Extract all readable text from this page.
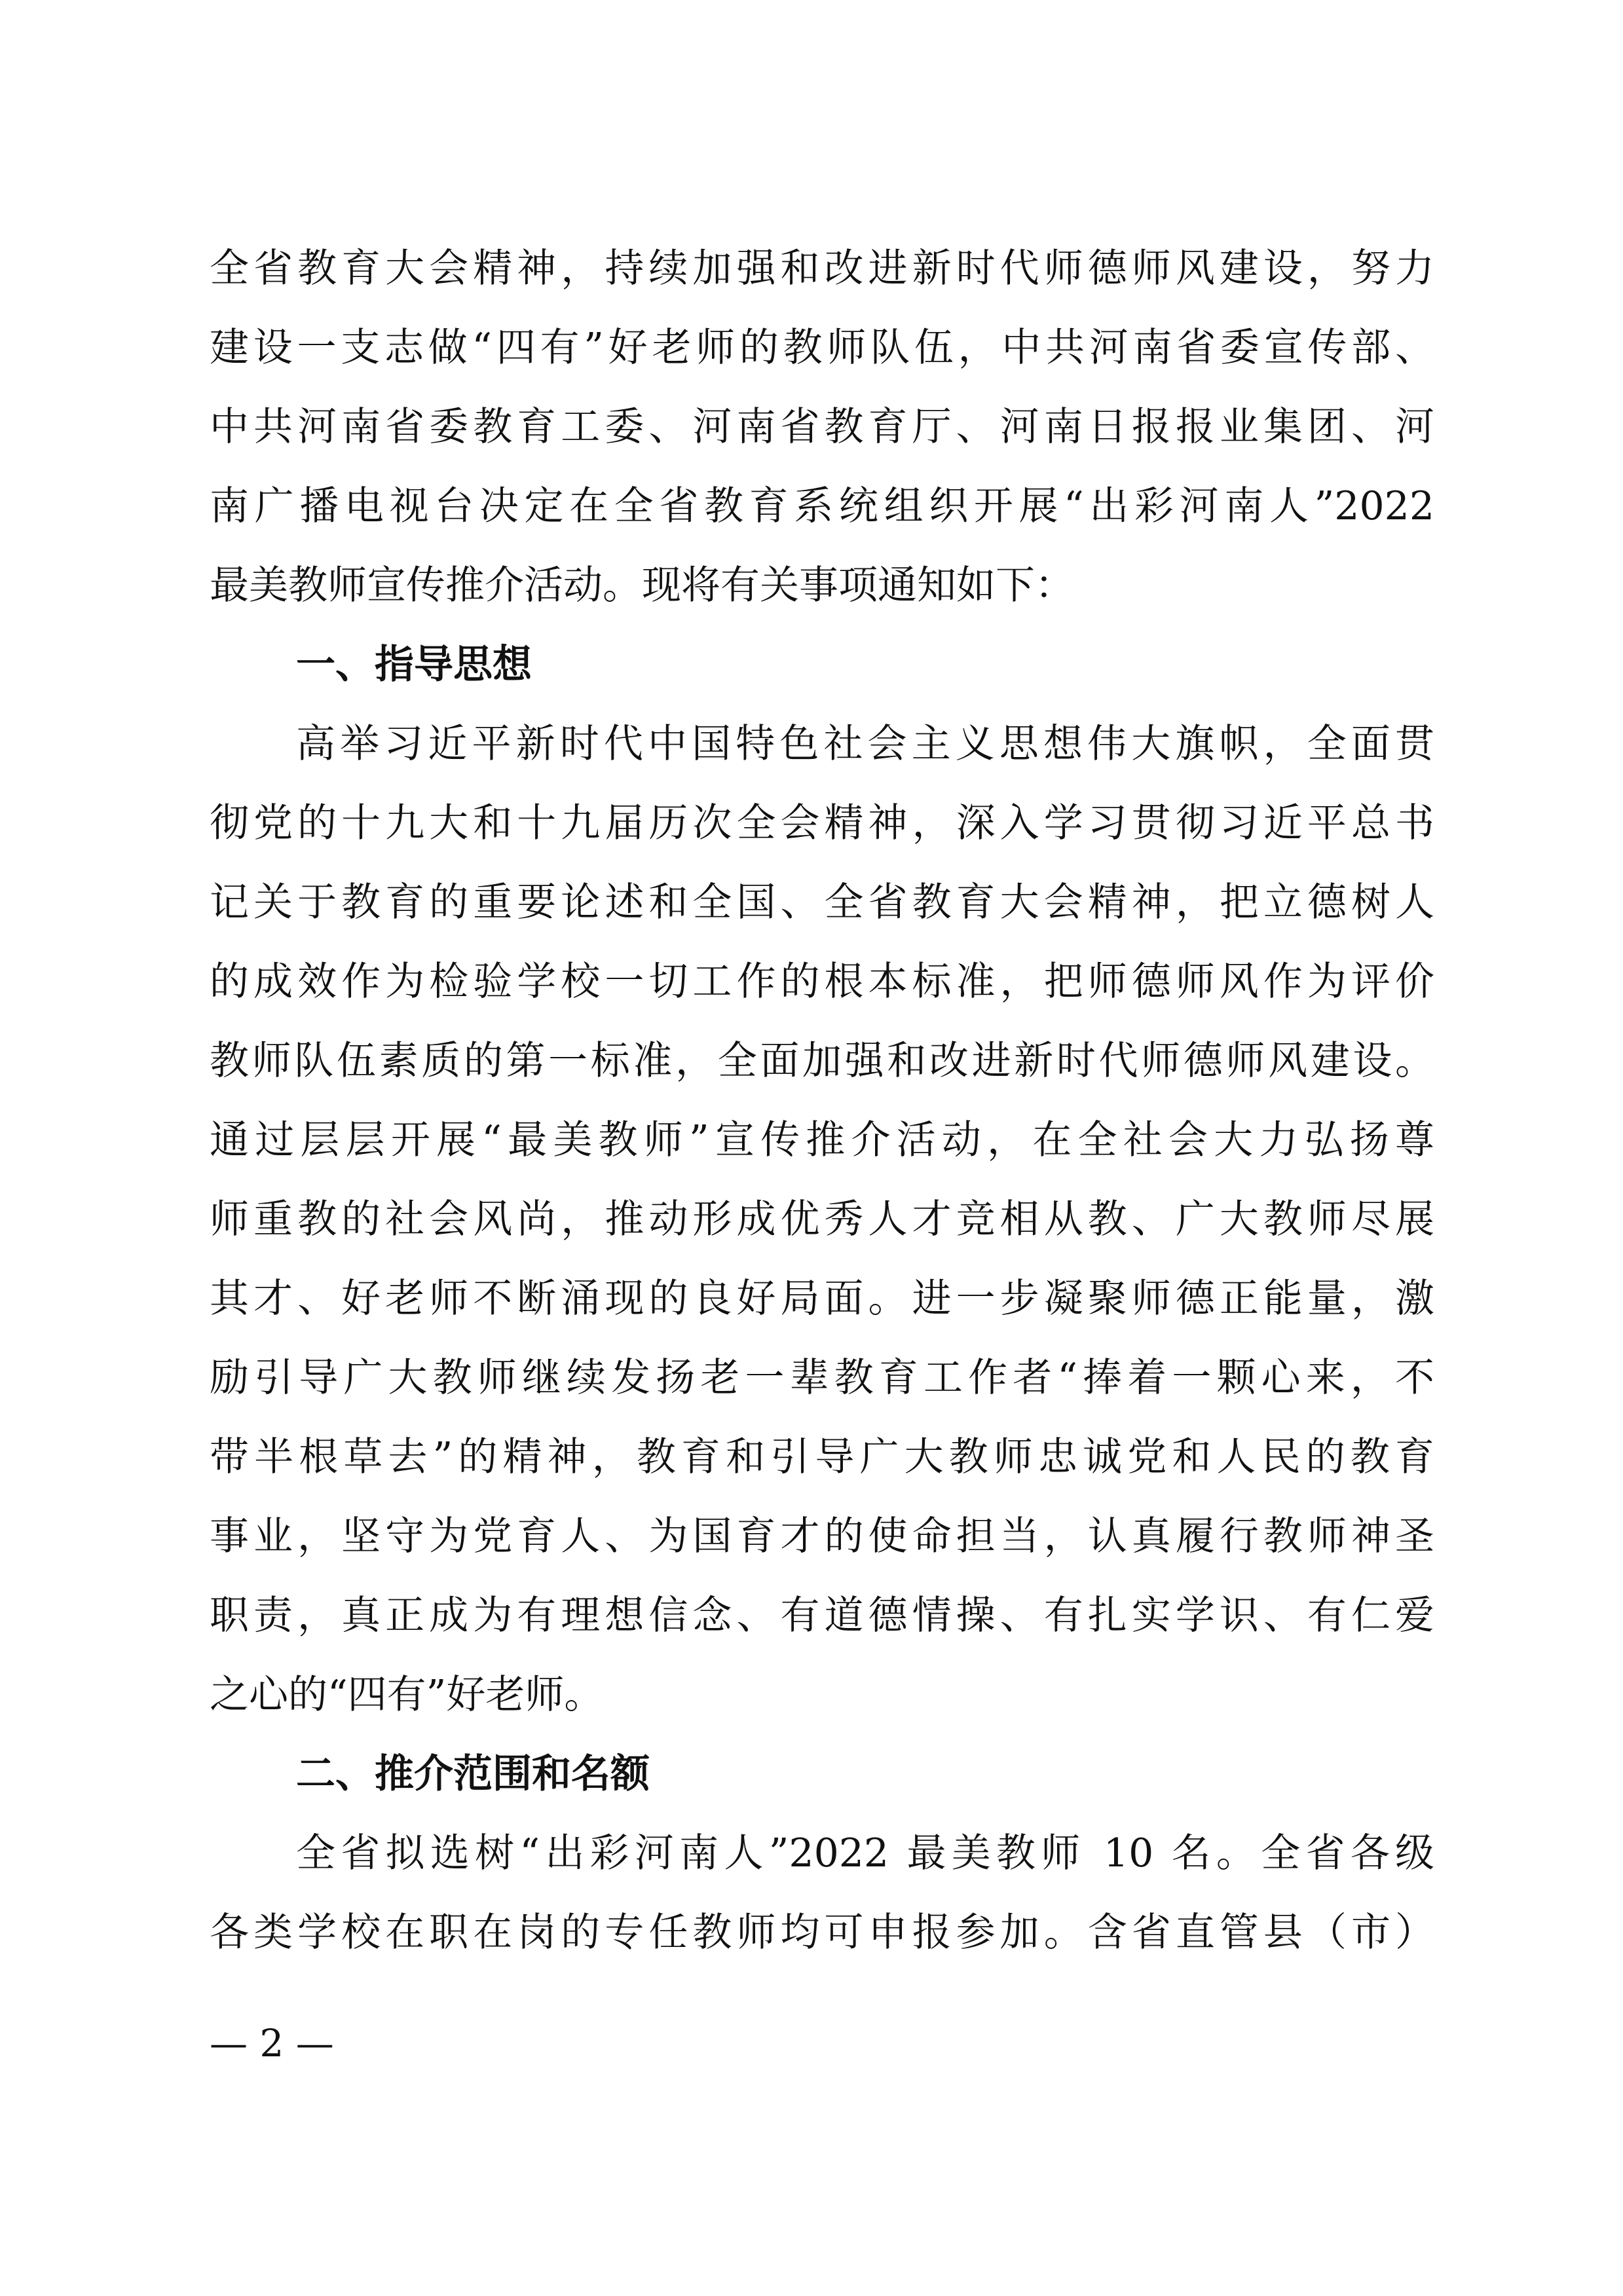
全省教育大会精神，持续加强和改进新时代师德师风建设，努力
建设一支志做“四有”好老师的教师队伍，中共河南省委宣传部、
中共河南省委教育工委、河南省教育厅、河南日报报业集团、河
南广播电视台决定在全省教育系统组织开展“出彩河南人”2022
最美教师宣传推介活动。现将有关事项通知如下：
一、指导思想
高举习近平新时代中国特色社会主义思想伟大旗帜，全面贯
彻党的十九大和十九届历次全会精神，深入学习贯彻习近平总书
记关于教育的重要论述和全国、全省教育大会精神，把立德树人
的成效作为检验学校一切工作的根本标准，把师德师风作为评价
教师队伍素质的第一标准，全面加强和改进新时代师德师风建设。
通过层层开展“最美教师”宣传推介活动，在全社会大力弘扬尊
师重教的社会风尚，推动形成优秀人才竞相从教、广大教师尽展
其才、好老师不断涌现的良好局面。进一步凝聚师德正能量，激
励引导广大教师继续发扬老一辈教育工作者“捧着一颗心来，不
带半根草去”的精神，教育和引导广大教师忠诚党和人民的教育
事业，坚守为党育人、为国育才的使命担当，认真履行教师神圣
职责，真正成为有理想信念、有道德情操、有扎实学识、有仁爱
之心的“四有”好老师。
二、推介范围和名额
全省拟选树“出彩河南人”2022 最美教师 10 名。全省各级
各类学校在职在岗的专任教师均可申报参加。含省直管县（市）
— 2 —
